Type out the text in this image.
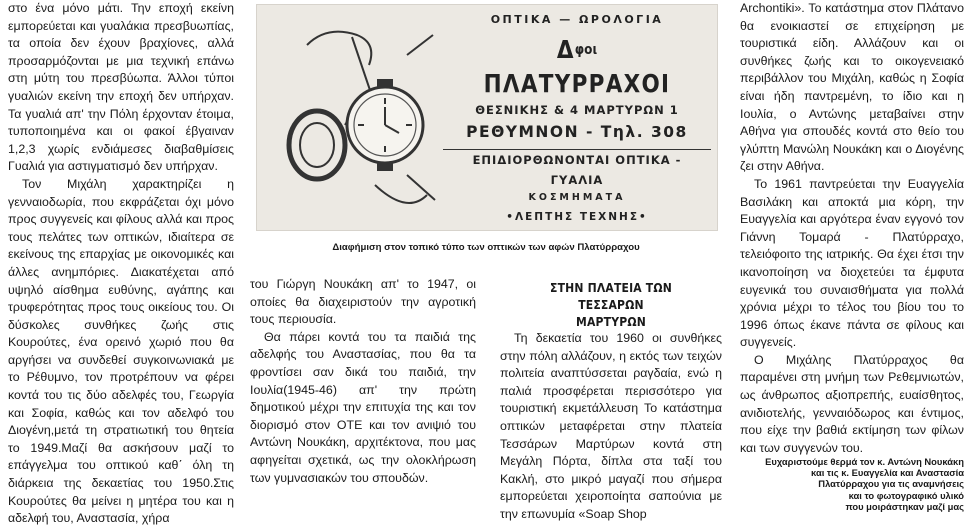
στο ένα μόνο μάτι. Την εποχή εκείνη εμπορεύεται και γυαλάκια πρεσβυωπίας, τα οποία δεν έχουν βραχίονες, αλλά προσαρμόζονται με μια τεχνική επάνω στη μύτη του πρεσβύωπα. Άλλοι τύποι γυαλιών εκείνη την εποχή δεν υπήρχαν. Τα γυαλιά απ' την Πόλη έρχονταν έτοιμα, τυποποιημένα και οι φακοί έβγαιναν 1,2,3 χωρίς ενδιάμεσες διαβαθμίσεις Γυαλιά για αστιγματισμό δεν υπήρχαν.

Τον Μιχάλη χαρακτηρίζει η γενναιοδωρία, που εκφράζεται όχι μόνο προς συγγενείς και φίλους αλλά και προς τους πελάτες των οπτικών, ιδιαίτερα σε εκείνους της επαρχίας με οικονομικές και άλλες ανημπόριες. Διακατέχεται από υψηλό αίσθημα ευθύνης, αγάπης και τρυφερότητας προς τους οικείους του. Οι δύσκολες συνθήκες ζωής στις Κουρούτες, ένα ορεινό χωριό που θα αργήσει να συνδεθεί συγκοινωνιακά με το Ρέθυμνο, τον προτρέπουν να φέρει κοντά του τις δύο αδελφές του, Γεωργία και Σοφία, καθώς και τον αδελφό του Διογένη,μετά τη στρατιωτική του θητεία το 1949.Μαζί θα ασκήσουν μαζί το επάγγελμα του οπτικού καθ΄ όλη τη διάρκεια της δεκαετίας του 1950.Στις Κουρούτες θα μείνει η μητέρα του και η αδελφή του, Αναστασία, χήρα

ΟΠΤΙΚΑ — ΩΡΟΛΟΓΙΑ
$\Delta^{\varphi o\iota}$ ΠΛΑΤΥΡΡΑΧΟΙ
ΘΕΣΝΙΚΗΣ & 4 ΜΑΡΤΥΡΩΝ 1
ΡΕΘΥΜΝΟΝ - Τηλ. 308
ΕΠΙΔΙΟΡΘΩΝΟΝΤΑΙ ΟΠΤΙΚΑ - ΓΥΑΛΙΑ
ΚΟΣΜΗΜΑΤΑ
•ΛΕΠΤΗΣ ΤΕΧΝΗΣ•
Διαφήμιση στον τοπικό τύπο των οπτικών των αφών Πλατύρραχου

του Γιώργη Νουκάκη απ' το 1947, οι οποίες θα διαχειριστούν την αγροτική τους περιουσία.

Θα πάρει κοντά του τα παιδιά της αδελφής του Αναστασίας, που θα τα φροντίσει σαν δικά του παιδιά, την Ιουλία(1945-46) απ' την πρώτη δημοτικού μέχρι την επιτυχία της και τον διορισμό στον ΟΤΕ και τον ανιψιό του Αντώνη Νουκάκη, αρχιτέκτονα, που μας αφηγείται σχετικά, ως την ολοκλήρωση των γυμνασιακών του σπουδών.

ΣΤΗΝ ΠΛΑΤΕΙΑ ΤΩΝ ΤΕΣΣΑΡΩΝ
ΜΑΡΤΥΡΩΝ

Τη δεκαετία του 1960 οι συνθήκες στην πόλη αλλάζουν, η εκτός των τειχών πολιτεία αναπτύσσεται ραγδαία, ενώ η παλιά προσφέρεται περισσότερο για τουριστική εκμετάλλευση Το κατάστημα οπτικών μεταφέρεται στην πλατεία Τεσσάρων Μαρτύρων κοντά στη Μεγάλη Πόρτα, δίπλα στα ταξί του Κακλή, στο μικρό μαγαζί που σήμερα εμπορεύεται χειροποίητα σαπούνια με την επωνυμία «Soap Shop

Archontiki». Το κατάστημα στον Πλάτανο θα ενοικιαστεί σε επιχείρηση με τουριστικά είδη. Αλλάζουν και οι συνθήκες ζωής και το οικογενειακό περιβάλλον του Μιχάλη, καθώς η Σοφία είναι ήδη παντρεμένη, το ίδιο και η Ιουλία, ο Αντώνης μεταβαίνει στην Αθήνα για σπουδές κοντά στο θείο του γλύπτη Μανώλη Νουκάκη και ο Διογένης ζει στην Αθήνα.

Το 1961 παντρεύεται την Ευαγγελία Βασιλάκη και αποκτά μια κόρη, την Ευαγγελία και αργότερα έναν εγγονό τον Γιάννη Τομαρά - Πλατύρραχο, τελειόφοιτο της ιατρικής. Θα έχει έτσι την ικανοποίηση να διοχετεύει τα έμφυτα ευγενικά του συναισθήματα για πολλά χρόνια μέχρι το τέλος του βίου του το 1996 όπως έκανε πάντα σε φίλους και συγγενείς.

Ο Μιχάλης Πλατύρραχος θα παραμένει στη μνήμη των Ρεθεμνιωτών, ως άνθρωπος αξιοπρεπής, ευαίσθητος, ανιδιοτελής, γενναιόδωρος και έντιμος, που είχε την βαθιά εκτίμηση των φίλων και των συγγενών του.

Ευχαριστούμε θερμά τον κ. Αντώνη Νουκάκη
και τις κ. Ευαγγελία και Αναστασία
Πλατύρραχου για τις αναμνήσεις
και το φωτογραφικό υλικό
που μοιράστηκαν μαζί μας
